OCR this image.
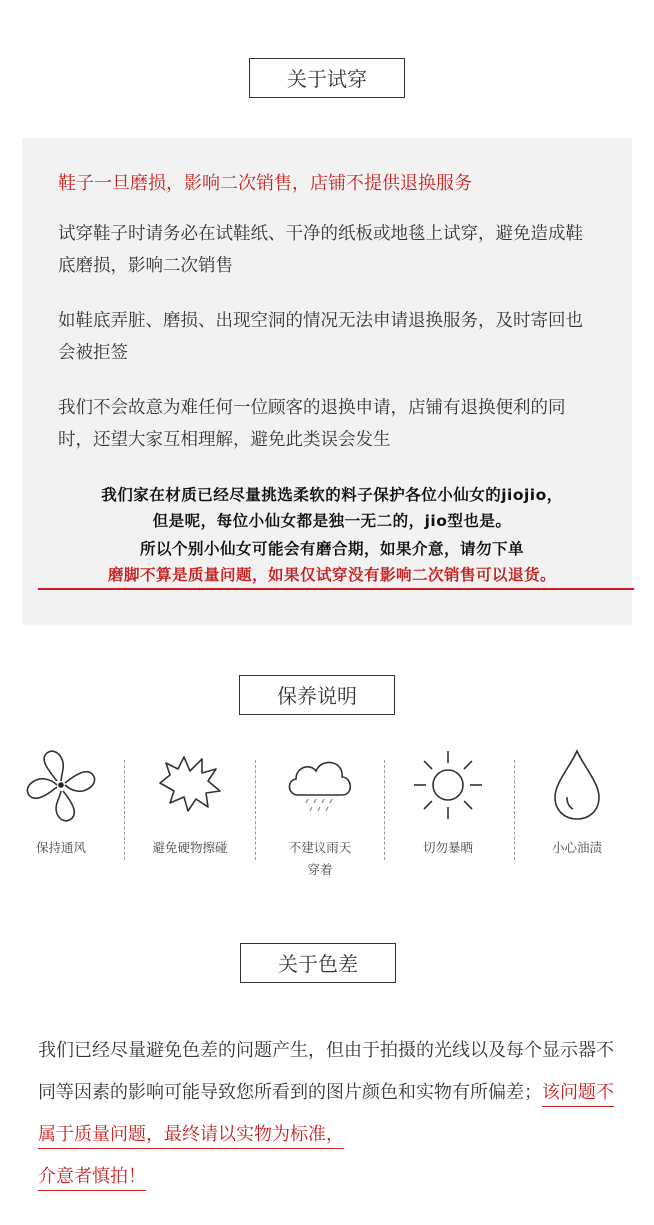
关于试穿
鞋子一旦磨损，影响二次销售，店铺不提供退换服务
试穿鞋子时请务必在试鞋纸、干净的纸板或地毯上试穿，避免造成鞋底磨损，影响二次销售
如鞋底弄脏、磨损、出现空洞的情况无法申请退换服务，及时寄回也会被拒签
我们不会故意为难任何一位顾客的退换申请，店铺有退换便利的同时，还望大家互相理解，避免此类误会发生
我们家在材质已经尽量挑选柔软的料子保护各位小仙女的jiojio，
但是呢，每位小仙女都是独一无二的，jio型也是。
所以个别小仙女可能会有磨合期，如果介意，请勿下单
磨脚不算是质量问题，如果仅试穿没有影响二次销售可以退货。
保养说明
保持通风	避免硬物擦碰	不建议雨天
穿着
切勿暴晒	小心油渍
关于色差
我们已经尽量避免色差的问题产生，但由于拍摄的光线以及每个显示器不同等因素的影响可能导致您所看到的图片颜色和实物有所偏差；该问题不属于质量问题，最终请以实物为标准，
介意者慎拍！
